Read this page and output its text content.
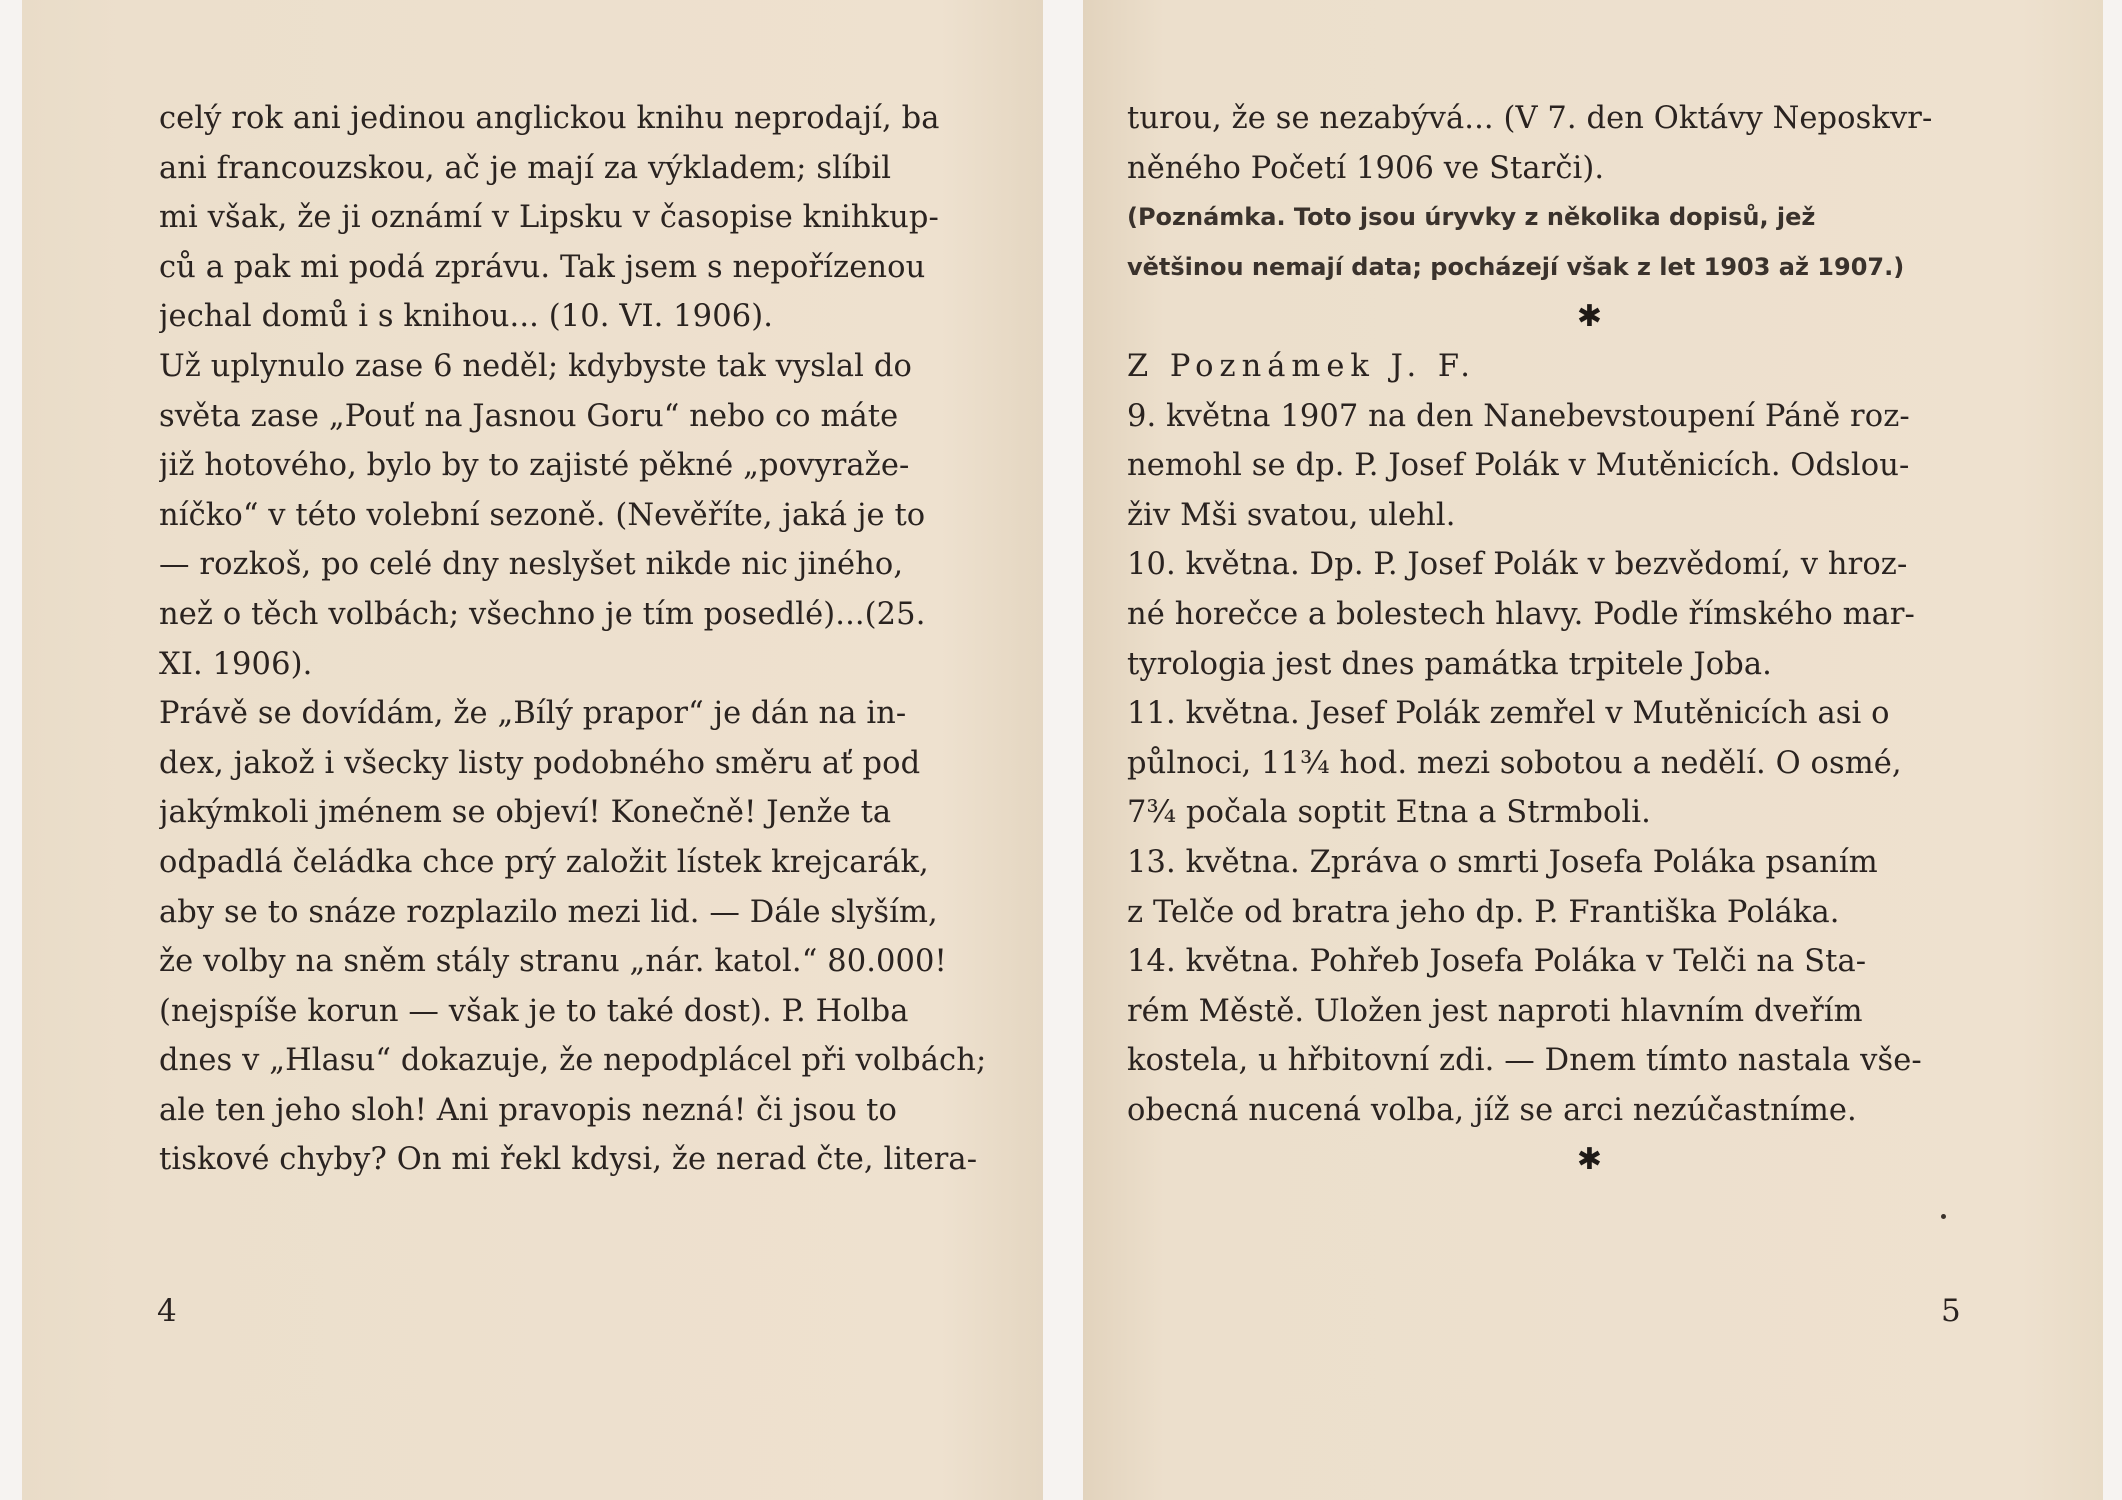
celý rok ani jedinou anglickou knihu neprodají, ba
ani francouzskou, ač je mají za výkladem; slíbil
mi však, že ji oznámí v Lipsku v časopise knihkup-
ců a pak mi podá zprávu. Tak jsem s nepořízenou
jechal domů i s knihou... (10. VI. 1906).
Už uplynulo zase 6 neděl; kdybyste tak vyslal do
světa zase „Pouť na Jasnou Goru“ nebo co máte
již hotového, bylo by to zajisté pěkné „povyraže-
níčko“ v této volební sezoně. (Nevěříte, jaká je to
— rozkoš, po celé dny neslyšet nikde nic jiného,
než o těch volbách; všechno je tím posedlé)...(25.
XI. 1906).
Právě se dovídám, že „Bílý prapor“ je dán na in-
dex, jakož i všecky listy podobného směru ať pod
jakýmkoli jménem se objeví! Konečně! Jenže ta
odpadlá čeládka chce prý založit lístek krejcarák,
aby se to snáze rozplazilo mezi lid. — Dále slyším,
že volby na sněm stály stranu „nár. katol.“ 80.000!
(nejspíše korun — však je to také dost). P. Holba
dnes v „Hlasu“ dokazuje, že nepodplácel při volbách;
ale ten jeho sloh! Ani pravopis nezná! či jsou to
tiskové chyby? On mi řekl kdysi, že nerad čte, litera-
4
turou, že se nezabývá... (V 7. den Oktávy Neposkvr-
něného Početí 1906 ve Starči).
(Poznámka. Toto jsou úryvky z několika dopisů, jež
většinou nemají data; pocházejí však z let 1903 až 1907.)
✱
Z Poznámek J. F.
9. května 1907 na den Nanebevstoupení Páně roz-
nemohl se dp. P. Josef Polák v Mutěnicích. Odslou-
živ Mši svatou, ulehl.
10. května. Dp. P. Josef Polák v bezvědomí, v hroz-
né horečce a bolestech hlavy. Podle římského mar-
tyrologia jest dnes památka trpitele Joba.
11. května. Jesef Polák zemřel v Mutěnicích asi o
půlnoci, 11¾ hod. mezi sobotou a nedělí. O osmé,
7¾ počala soptit Etna a Strmboli.
13. května. Zpráva o smrti Josefa Poláka psaním
z Telče od bratra jeho dp. P. Františka Poláka.
14. května. Pohřeb Josefa Poláka v Telči na Sta-
rém Městě. Uložen jest naproti hlavním dveřím
kostela, u hřbitovní zdi. — Dnem tímto nastala vše-
obecná nucená volba, jíž se arci nezúčastníme.
✱
5
